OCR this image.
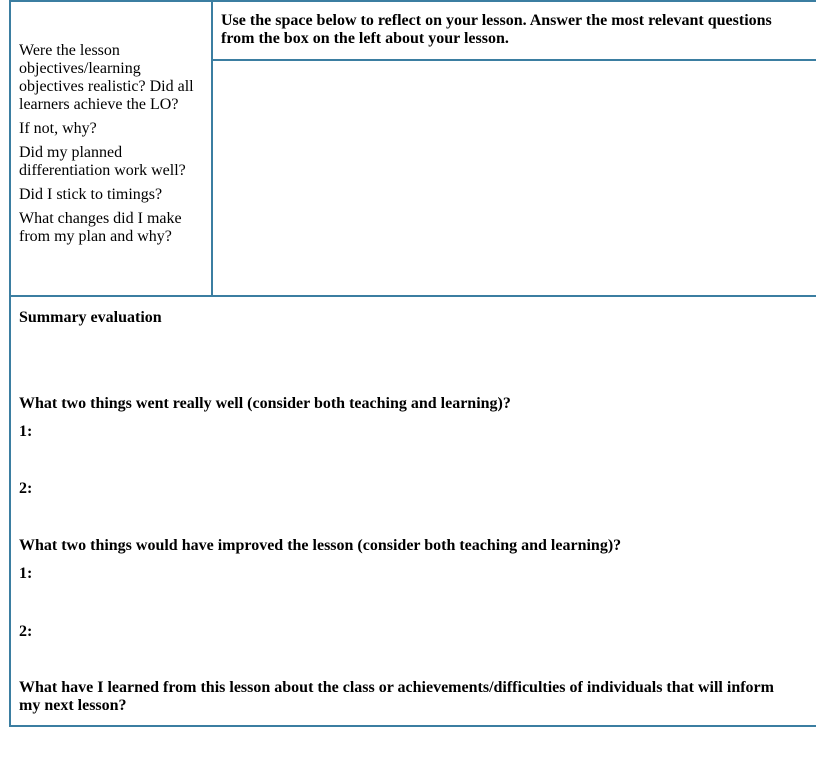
Were the lesson objectives/learning objectives realistic? Did all learners achieve the LO?

If not, why?

Did my planned differentiation work well?

Did I stick to timings?

What changes did I make from my plan and why?

Use the space below to reflect on your lesson. Answer the most relevant questions from the box on the left about your lesson.

Summary evaluation

What two things went really well (consider both teaching and learning)?

1:

2:

What two things would have improved the lesson (consider both teaching and learning)?

1:

2:

What have I learned from this lesson about the class or achievements/difficulties of individuals that will inform my next lesson?
